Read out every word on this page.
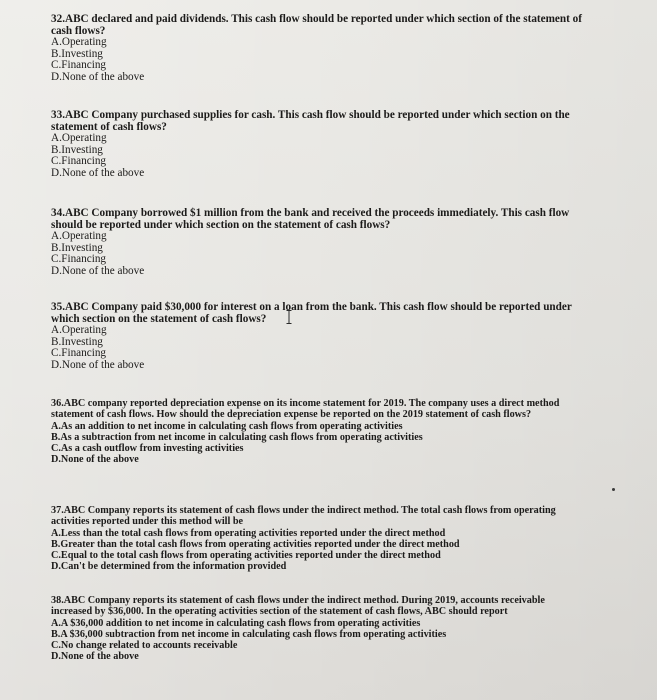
32.ABC declared and paid dividends. This cash flow should be reported under which section of the statement of cash flows?

A.Operating
B.Investing
C.Financing
D.None of the above

33.ABC Company purchased supplies for cash. This cash flow should be reported under which section on the statement of cash flows?

A.Operating
B.Investing
C.Financing
D.None of the above

34.ABC Company borrowed $1 million from the bank and received the proceeds immediately. This cash flow should be reported under which section on the statement of cash flows?

A.Operating
B.Investing
C.Financing
D.None of the above

35.ABC Company paid $30,000 for interest on a loan from the bank. This cash flow should be reported under which section on the statement of cash flows?

A.Operating
B.Investing
C.Financing
D.None of the above

36.ABC company reported depreciation expense on its income statement for 2019. The company uses a direct method statement of cash flows. How should the depreciation expense be reported on the 2019 statement of cash flows?

A.As an addition to net income in calculating cash flows from operating activities
B.As a subtraction from net income in calculating cash flows from operating activities
C.As a cash outflow from investing activities
D.None of the above

37.ABC Company reports its statement of cash flows under the indirect method. The total cash flows from operating activities reported under this method will be

A.Less than the total cash flows from operating activities reported under the direct method
B.Greater than the total cash flows from operating activities reported under the direct method
C.Equal to the total cash flows from operating activities reported under the direct method
D.Can't be determined from the information provided

38.ABC Company reports its statement of cash flows under the indirect method. During 2019, accounts receivable increased by $36,000. In the operating activities section of the statement of cash flows, ABC should report

A.A $36,000 addition to net income in calculating cash flows from operating activities
B.A $36,000 subtraction from net income in calculating cash flows from operating activities
C.No change related to accounts receivable
D.None of the above
